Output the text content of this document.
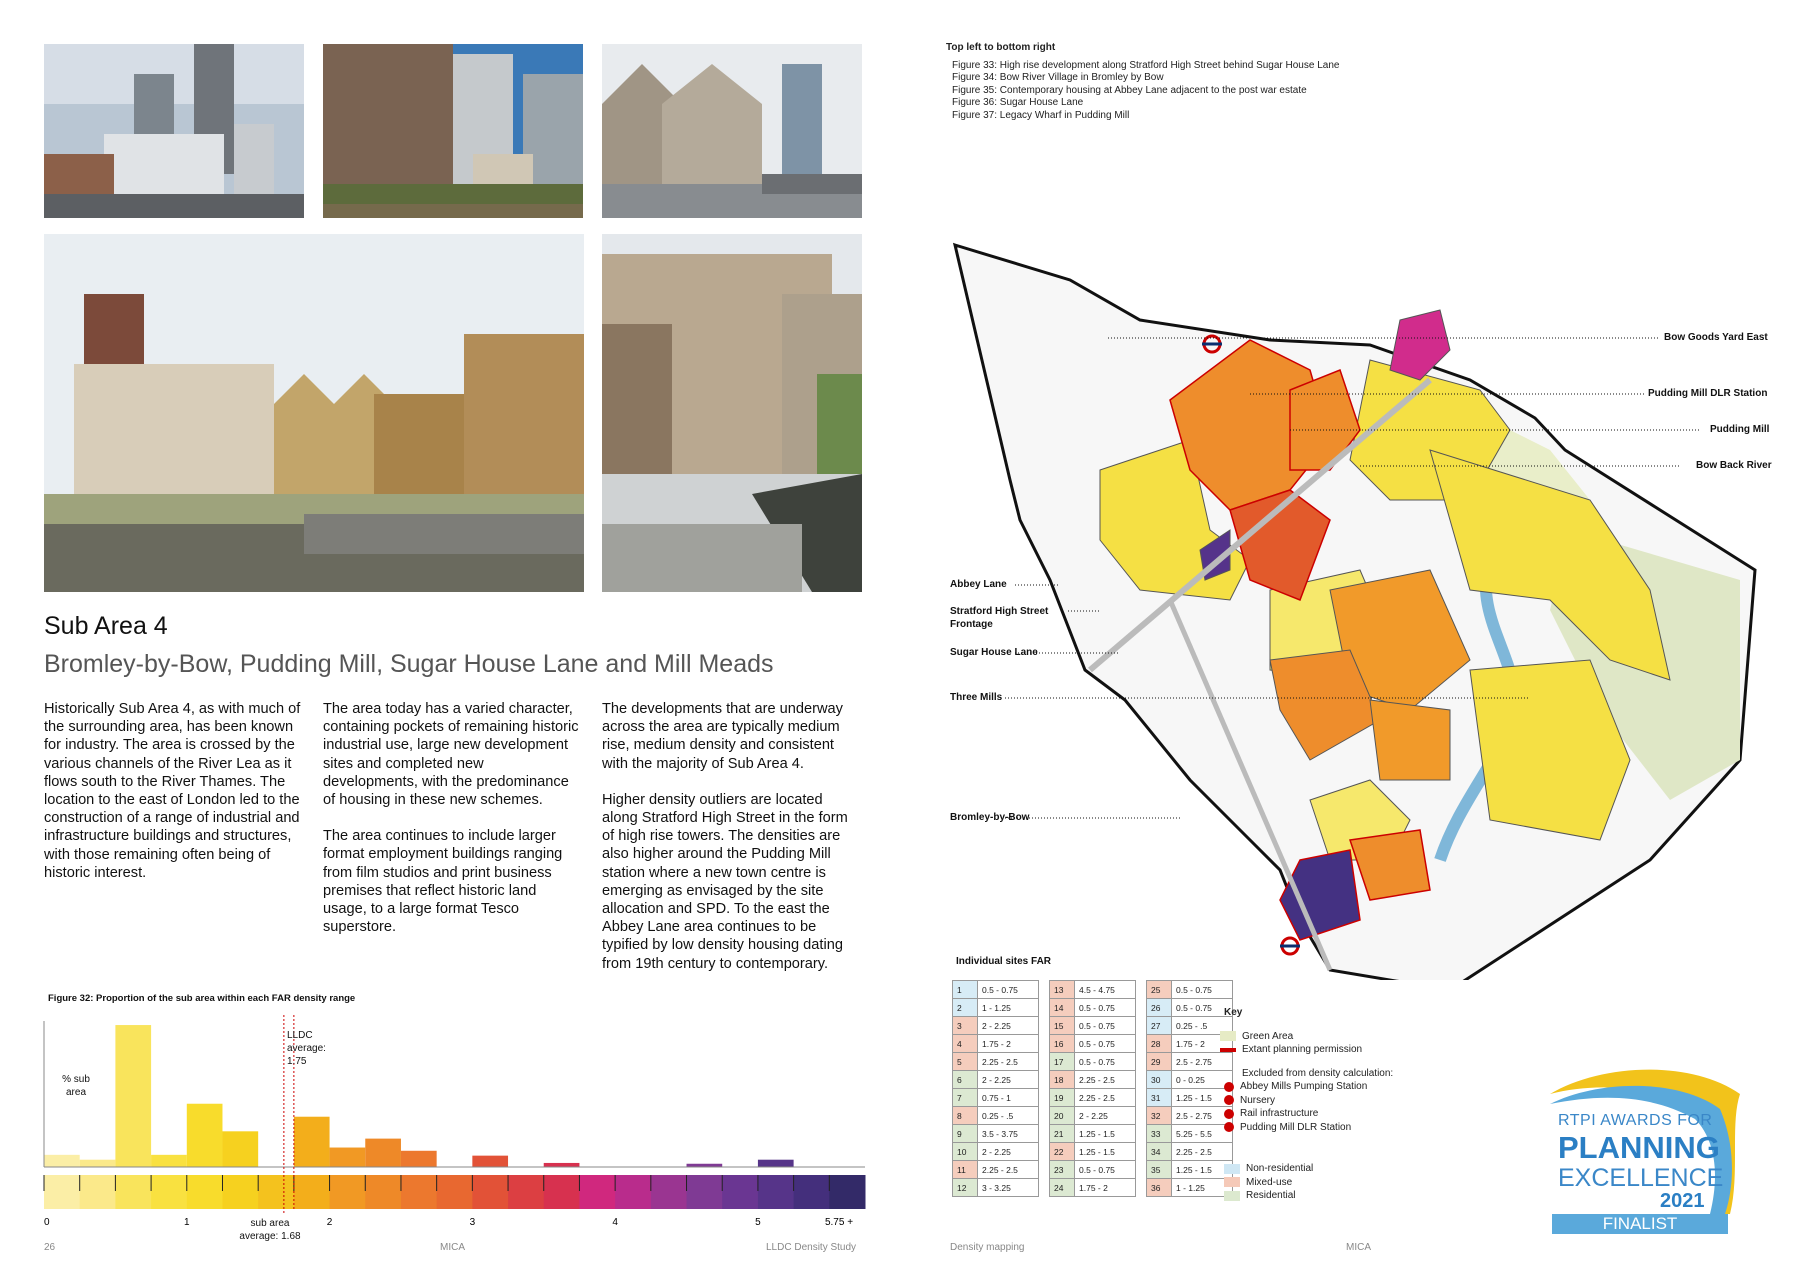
Sub Area 4
Bromley-by-Bow, Pudding Mill, Sugar House Lane and Mill Meads

Historically Sub Area 4, as with much of the surrounding area, has been known for industry. The area is crossed by the various channels of the River Lea as it flows south to the River Thames. The location to the east of London led to the construction of a range of industrial and infrastructure buildings and structures, with those remaining often being of historic interest.

The area today has a varied character, containing pockets of remaining historic industrial use, large new development sites and completed new developments, with the predominance of housing in these new schemes.

The area continues to include larger format employment buildings ranging from film studios and print business premises that reflect historic land usage, to a large format Tesco superstore.

The developments that are underway across the area are typically medium rise, medium density and consistent with the majority of Sub Area 4.

Higher density outliers are located along Stratford High Street in the form of high rise towers. The densities are also higher around the Pudding Mill station where a new town centre is emerging as envisaged by the site allocation and SPD. To the east the Abbey Lane area continues to be typified by low density housing dating from 19th century to contemporary.

Figure 32: Proportion of the sub area within each FAR density range
0	1	2	3	4	5	5.75 +
% sub area
LLDC average: 1.75
sub area average: 1.68
26	MICA	LLDC Density Study
Top left to bottom right
Figure 33: High rise development along Stratford High Street behind Sugar House Lane
Figure 34: Bow River Village in Bromley by Bow
Figure 35: Contemporary housing at Abbey Lane adjacent to the post war estate
Figure 36: Sugar House Lane
Figure 37: Legacy Wharf in Pudding Mill
Bow Goods Yard East
Pudding Mill DLR Station
Pudding Mill
Bow Back River
Abbey Lane
Stratford High Street Frontage
Sugar House Lane
Three Mills
Bromley-by-Bow
Individual sites FAR
1	0.5 - 0.75
2	1 - 1.25
3	2 - 2.25
4	1.75 - 2
5	2.25 - 2.5
6	2 - 2.25
7	0.75 - 1
8	0.25 - .5
9	3.5 - 3.75
10	2 - 2.25
11	2.25 - 2.5
12	3 - 3.25
13	4.5 - 4.75
14	0.5 - 0.75
15	0.5 - 0.75
16	0.5 - 0.75
17	0.5 - 0.75
18	2.25 - 2.5
19	2.25 - 2.5
20	2 - 2.25
21	1.25 - 1.5
22	1.25 - 1.5
23	0.5 - 0.75
24	1.75 - 2
25	0.5 - 0.75
26	0.5 - 0.75
27	0.25 - .5
28	1.75 - 2
29	2.5 - 2.75
30	0 - 0.25
31	1.25 - 1.5
32	2.5 - 2.75
33	5.25 - 5.5
34	2.25 - 2.5
35	1.25 - 1.5
36	1 - 1.25
Key
Green Area
Extant planning permission
Excluded from density calculation:
Abbey Mills Pumping Station
Nursery
Rail infrastructure
Pudding Mill DLR Station
Non-residential
Mixed-use
Residential
RTPI AWARDS FOR
PLANNING
EXCELLENCE
2021
FINALIST
Density mapping	MICA
